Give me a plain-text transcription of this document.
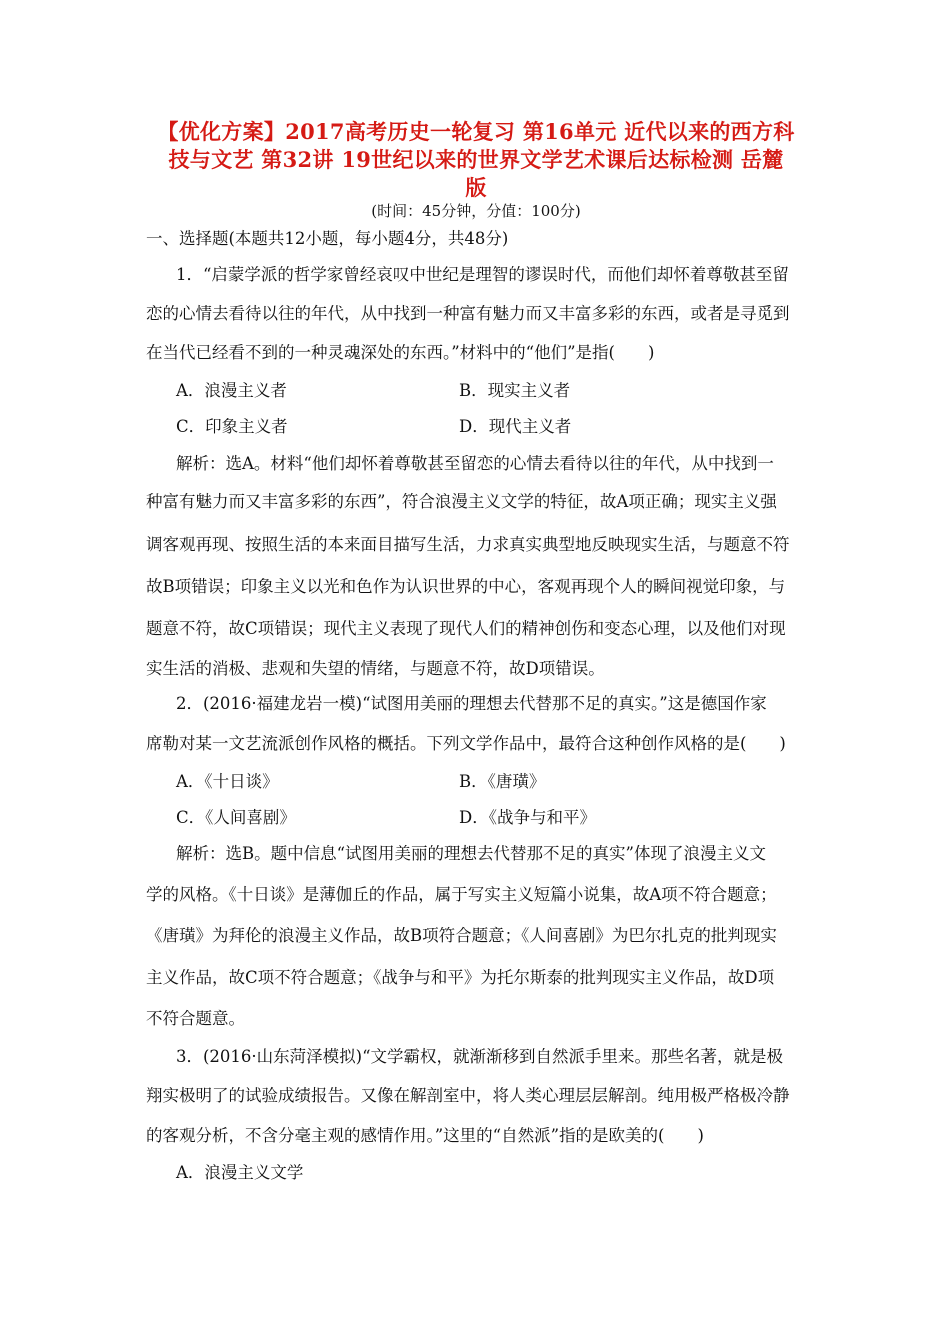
【优化方案】2017高考历史一轮复习 第16单元 近代以来的西方科
技与文艺 第32讲 19世纪以来的世界文学艺术课后达标检测 岳麓
版
(时间：45分钟，分值：100分)
一、选择题(本题共12小题，每小题4分，共48分)
1．“启蒙学派的哲学家曾经哀叹中世纪是理智的谬误时代，而他们却怀着尊敬甚至留
恋的心情去看待以往的年代，从中找到一种富有魅力而又丰富多彩的东西，或者是寻觅到
在当代已经看不到的一种灵魂深处的东西。”材料中的“他们”是指(　　)
A．浪漫主义者	B．现实主义者
C．印象主义者	D．现代主义者
解析：选A。材料“他们却怀着尊敬甚至留恋的心情去看待以往的年代，从中找到一
种富有魅力而又丰富多彩的东西”，符合浪漫主义文学的特征，故A项正确；现实主义强
调客观再现、按照生活的本来面目描写生活，力求真实典型地反映现实生活，与题意不符
故B项错误；印象主义以光和色作为认识世界的中心，客观再现个人的瞬间视觉印象，与
题意不符，故C项错误；现代主义表现了现代人们的精神创伤和变态心理，以及他们对现
实生活的消极、悲观和失望的情绪，与题意不符，故D项错误。
2．(2016·福建龙岩一模)“试图用美丽的理想去代替那不足的真实。”这是德国作家
席勒对某一文艺流派创作风格的概括。下列文学作品中，最符合这种创作风格的是(　　)
A．《十日谈》	B．《唐璜》
C．《人间喜剧》	D．《战争与和平》
解析：选B。题中信息“试图用美丽的理想去代替那不足的真实”体现了浪漫主义文
学的风格。《十日谈》是薄伽丘的作品，属于写实主义短篇小说集，故A项不符合题意；
《唐璜》为拜伦的浪漫主义作品，故B项符合题意；《人间喜剧》为巴尔扎克的批判现实
主义作品，故C项不符合题意；《战争与和平》为托尔斯泰的批判现实主义作品，故D项
不符合题意。
3．(2016·山东菏泽模拟)“文学霸权，就渐渐移到自然派手里来。那些名著，就是极
翔实极明了的试验成绩报告。又像在解剖室中，将人类心理层层解剖。纯用极严格极冷静
的客观分析，不含分毫主观的感情作用。”这里的“自然派”指的是欧美的(　　)
A．浪漫主义文学
